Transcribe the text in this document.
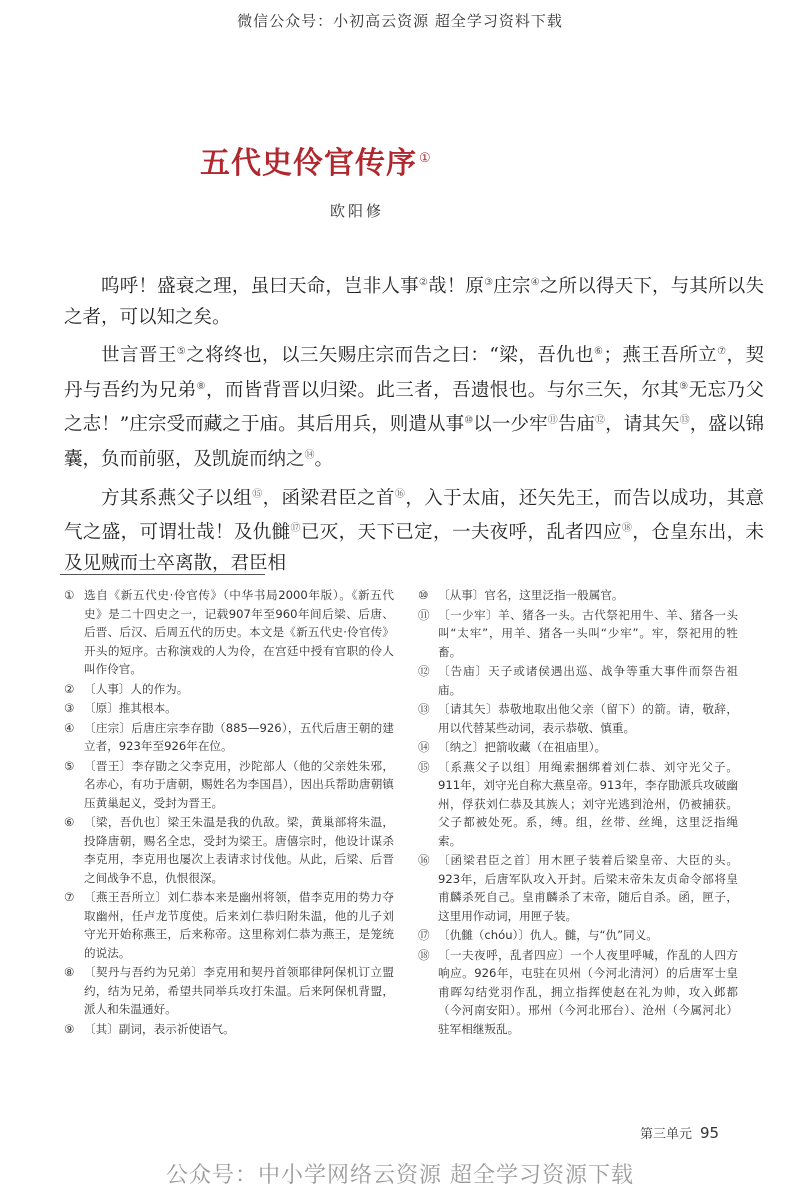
微信公众号：小初高云资源 超全学习资料下载
五代史伶官传序 ①
欧阳修

呜呼！盛衰之理，虽曰天命，岂非人事②哉！原③庄宗④之所以得天下，与其所以失之者，可以知之矣。

世言晋王⑤之将终也，以三矢赐庄宗而告之曰：“梁，吾仇也⑥；燕王吾所立⑦，契丹与吾约为兄弟⑧，而皆背晋以归梁。此三者，吾遗恨也。与尔三矢，尔其⑨无忘乃父之志！”庄宗受而藏之于庙。其后用兵，则遣从事⑩以一少牢⑪告庙⑫，请其矢⑬，盛以锦囊，负而前驱，及凯旋而纳之⑭。

方其系燕父子以组⑮，函梁君臣之首⑯，入于太庙，还矢先王，而告以成功，其意气之盛，可谓壮哉！及仇雠⑰已灭，天下已定，一夫夜呼，乱者四应⑱，仓皇东出，未及见贼而士卒离散，君臣相

① 选自《新五代史·伶官传》（中华书局2000年版）。《新五代史》是二十四史之一，记载907年至960年间后梁、后唐、后晋、后汉、后周五代的历史。本文是《新五代史·伶官传》开头的短序。古称演戏的人为伶，在宫廷中授有官职的伶人叫作伶官。
② 〔人事〕人的作为。
③ 〔原〕推其根本。
④ 〔庄宗〕后唐庄宗李存勖（885—926），五代后唐王朝的建立者，923年至926年在位。
⑤ 〔晋王〕李存勖之父李克用，沙陀部人（他的父亲姓朱邪，名赤心，有功于唐朝，赐姓名为李国昌），因出兵帮助唐朝镇压黄巢起义，受封为晋王。
⑥ 〔梁，吾仇也〕梁王朱温是我的仇敌。梁，黄巢部将朱温，投降唐朝，赐名全忠，受封为梁王。唐僖宗时，他设计谋杀李克用，李克用也屡次上表请求讨伐他。从此，后梁、后晋之间战争不息，仇恨很深。
⑦ 〔燕王吾所立〕刘仁恭本来是幽州将领，借李克用的势力夺取幽州，任卢龙节度使。后来刘仁恭归附朱温，他的儿子刘守光开始称燕王，后来称帝。这里称刘仁恭为燕王，是笼统的说法。
⑧ 〔契丹与吾约为兄弟〕李克用和契丹首领耶律阿保机订立盟约，结为兄弟，希望共同举兵攻打朱温。后来阿保机背盟，派人和朱温通好。
⑨ 〔其〕副词，表示祈使语气。
⑩ 〔从事〕官名，这里泛指一般属官。
⑪ 〔一少牢〕羊、猪各一头。古代祭祀用牛、羊、猪各一头叫“太牢”，用羊、猪各一头叫“少牢”。牢，祭祀用的牲畜。
⑫ 〔告庙〕天子或诸侯遇出巡、战争等重大事件而祭告祖庙。
⑬ 〔请其矢〕恭敬地取出他父亲（留下）的箭。请，敬辞，用以代替某些动词，表示恭敬、慎重。
⑭ 〔纳之〕把箭收藏（在祖庙里）。
⑮ 〔系燕父子以组〕用绳索捆绑着刘仁恭、刘守光父子。911年，刘守光自称大燕皇帝。913年，李存勖派兵攻破幽州，俘获刘仁恭及其族人；刘守光逃到沧州，仍被捕获。父子都被处死。系，缚。组，丝带、丝绳，这里泛指绳索。
⑯ 〔函梁君臣之首〕用木匣子装着后梁皇帝、大臣的头。923年，后唐军队攻入开封。后梁末帝朱友贞命令部将皇甫麟杀死自己。皇甫麟杀了末帝，随后自杀。函，匣子，这里用作动词，用匣子装。
⑰ 〔仇雠（chóu）〕仇人。雠，与“仇”同义。
⑱ 〔一夫夜呼，乱者四应〕一个人夜里呼喊，作乱的人四方响应。926年，屯驻在贝州（今河北清河）的后唐军士皇甫晖勾结党羽作乱，拥立指挥使赵在礼为帅，攻入邺都（今河南安阳）。邢州（今河北邢台）、沧州（今属河北）驻军相继叛乱。
第三单元 95
公众号：中小学网络云资源 超全学习资源下载
